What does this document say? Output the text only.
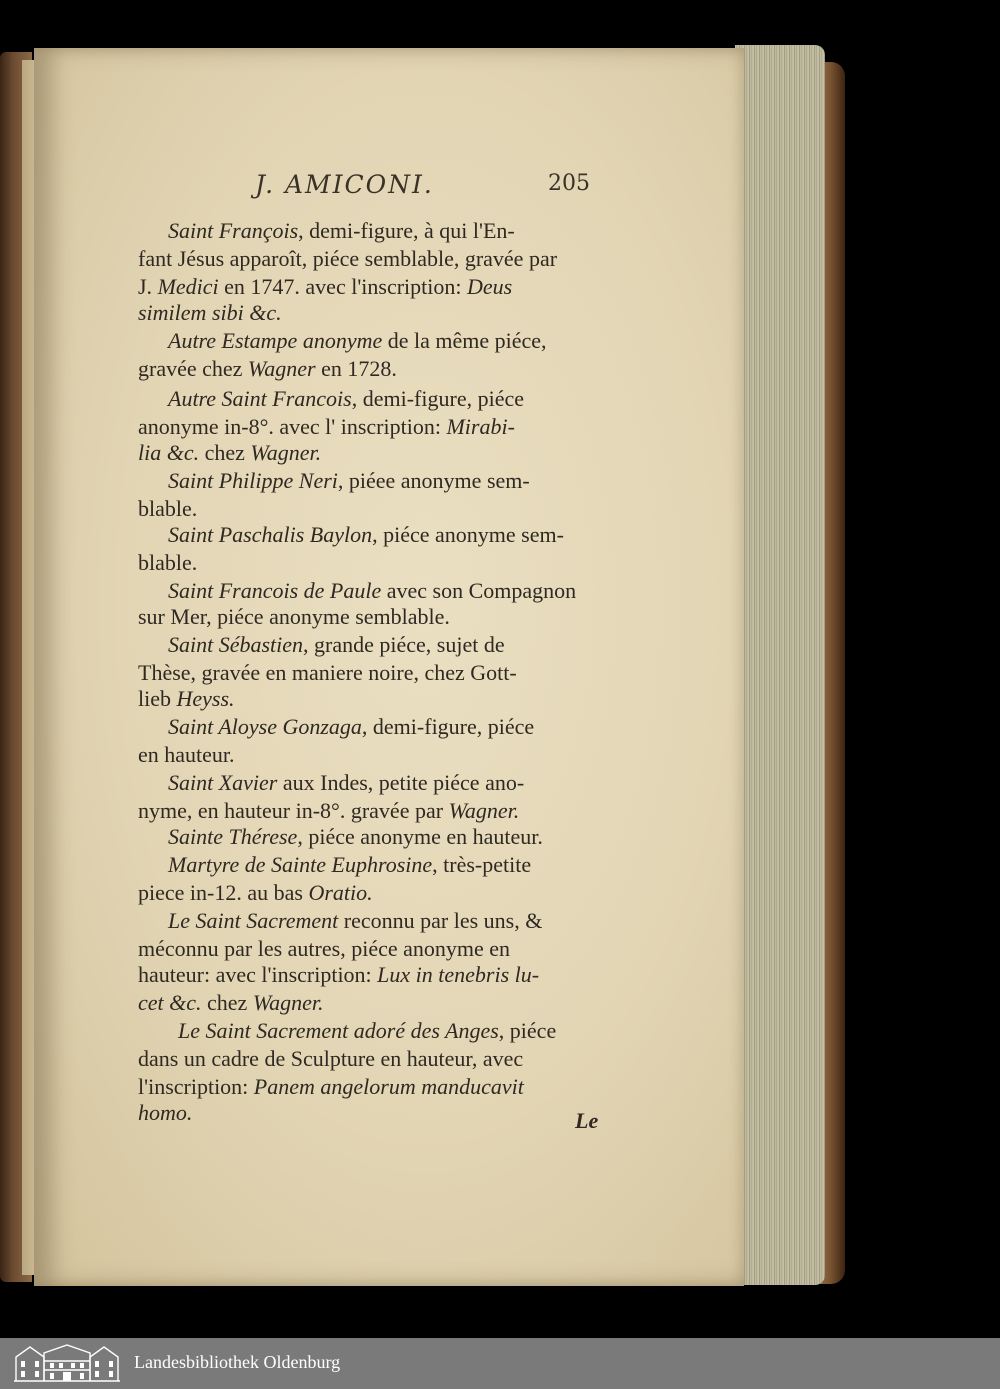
J. AMICONI.	205
Saint François, demi-figure, à qui l'En-
fant Jésus apparoît, piéce semblable, gravée par
J. Medici en 1747. avec l'inscription: Deus
similem sibi &c.
Autre Estampe anonyme de la même piéce,
gravée chez Wagner en 1728.
Autre Saint Francois, demi-figure, piéce
anonyme in-8°. avec l' inscription: Mirabi-
lia &c. chez Wagner.
Saint Philippe Neri, piéee anonyme sem-
blable.
Saint Paschalis Baylon, piéce anonyme sem-
blable.
Saint Francois de Paule avec son Compagnon
sur Mer, piéce anonyme semblable.
Saint Sébastien, grande piéce, sujet de
Thèse, gravée en maniere noire, chez Gott-
lieb Heyss.
Saint Aloyse Gonzaga, demi-figure, piéce
en hauteur.
Saint Xavier aux Indes, petite piéce ano-
nyme, en hauteur in-8°. gravée par Wagner.
Sainte Thérese, piéce anonyme en hauteur.
Martyre de Sainte Euphrosine, très-petite
piece in-12. au bas Oratio.
Le Saint Sacrement reconnu par les uns, &
méconnu par les autres, piéce anonyme en
hauteur: avec l'inscription: Lux in tenebris lu-
cet &c. chez Wagner.
Le Saint Sacrement adoré des Anges, piéce
dans un cadre de Sculpture en hauteur, avec
l'inscription: Panem angelorum manducavit
homo.	Le
Landesbibliothek Oldenburg
